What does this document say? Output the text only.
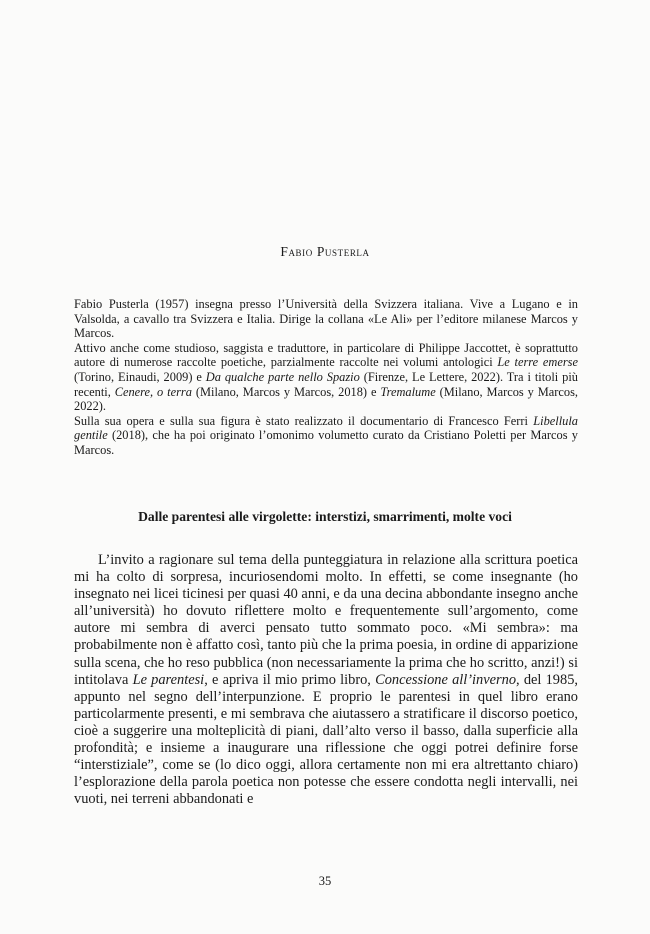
Fabio Pusterla

Fabio Pusterla (1957) insegna presso l’Università della Svizzera italiana. Vive a Lugano e in Valsolda, a cavallo tra Svizzera e Italia. Dirige la collana «Le Ali» per l’editore milanese Marcos y Marcos.

Attivo anche come studioso, saggista e traduttore, in particolare di Philippe Jaccottet, è soprattutto autore di numerose raccolte poetiche, parzialmente raccolte nei volumi antologici Le terre emerse (Torino, Einaudi, 2009) e Da qualche parte nello Spazio (Firenze, Le Lettere, 2022). Tra i titoli più recenti, Cenere, o terra (Milano, Marcos y Marcos, 2018) e Tremalume (Milano, Marcos y Marcos, 2022).

Sulla sua opera e sulla sua figura è stato realizzato il documentario di Francesco Ferri Libellula gentile (2018), che ha poi originato l’omonimo volumetto curato da Cristiano Poletti per Marcos y Marcos.

Dalle parentesi alle virgolette: interstizi, smarrimenti, molte voci

L’invito a ragionare sul tema della punteggiatura in relazione alla scrittura poetica mi ha colto di sorpresa, incuriosendomi molto. In effetti, se come insegnante (ho insegnato nei licei ticinesi per quasi 40 anni, e da una decina abbondante insegno anche all’università) ho dovuto riflettere molto e frequentemente sull’argomento, come autore mi sembra di averci pensato tutto sommato poco. «Mi sembra»: ma probabilmente non è affatto così, tanto più che la prima poesia, in ordine di apparizione sulla scena, che ho reso pubblica (non necessariamente la prima che ho scritto, anzi!) si intitolava Le parentesi, e apriva il mio primo libro, Concessione all’inverno, del 1985, appunto nel segno dell’interpunzione. E proprio le parentesi in quel libro erano particolarmente presenti, e mi sembrava che aiutassero a stratificare il discorso poetico, cioè a suggerire una molteplicità di piani, dall’alto verso il basso, dalla superficie alla profondità; e insieme a inaugurare una riflessione che oggi potrei definire forse “interstiziale”, come se (lo dico oggi, allora certamente non mi era altrettanto chiaro) l’esplorazione della parola poetica non potesse che essere condotta negli intervalli, nei vuoti, nei terreni abbandonati e

35
